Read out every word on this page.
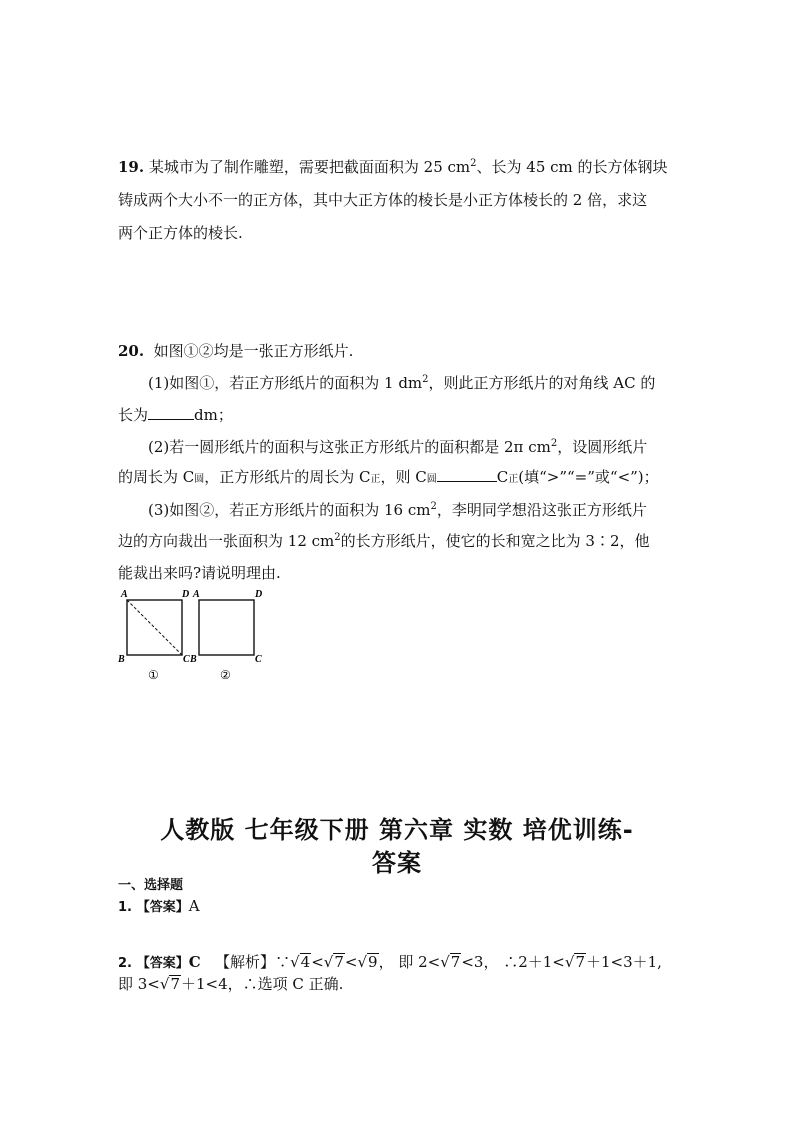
19. 某城市为了制作雕塑，需要把截面面积为 25 $cm^2$、长为 45 cm 的长方体钢块
铸成两个大小不一的正方体，其中大正方体的棱长是小正方体棱长的 2 倍，求这
两个正方体的棱长.
20. 如图①②均是一张正方形纸片.
(1)如图①，若正方形纸片的面积为 1 $dm^2$，则此正方形纸片的对角线 AC 的
长为	dm；
(2)若一圆形纸片的面积与这张正方形纸片的面积都是 2π $cm^2$，设圆形纸片
的周长为 C圆，正方形纸片的周长为 C正，则 C圆	C正(填“>”“=”或“<”)；
(3)如图②，若正方形纸片的面积为 16 $cm^2$，李明同学想沿这张正方形纸片
边的方向裁出一张面积为 12 $cm^2$的长方形纸片，使它的长和宽之比为 3∶2，他
能裁出来吗?请说明理由.
A	D
B	C
A	D
B	C
①	②
人教版 七年级下册 第六章 实数 培优训练-
答案
一、选择题
1. 【答案】A
2. 【答案】C 【解析】∵√4<√7<√9， 即 2<√7<3， ∴2＋1<√7＋1<3＋1,
即 3<√7＋1<4，∴选项 C 正确.
